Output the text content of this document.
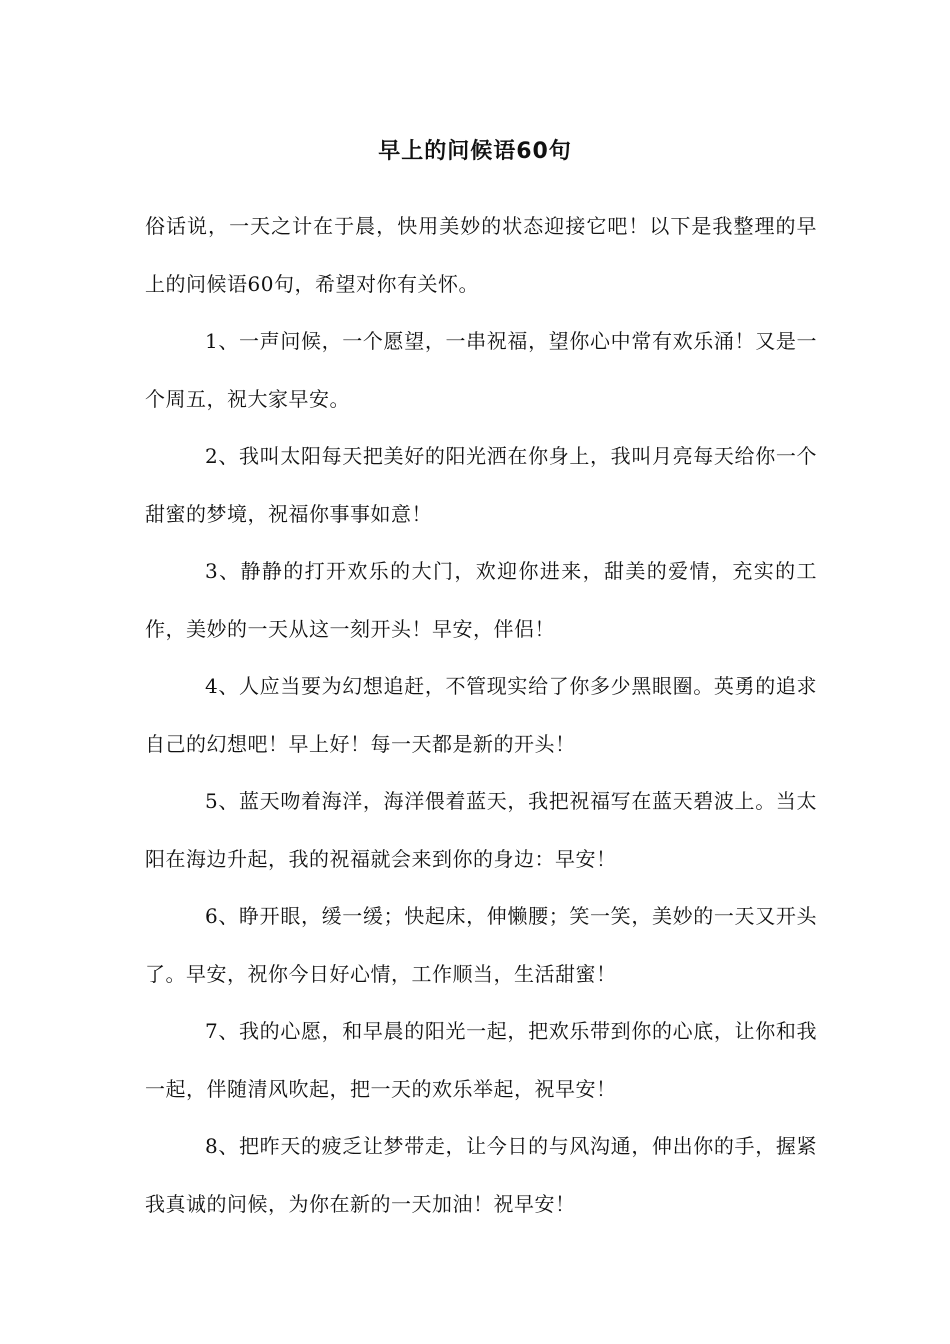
早上的问候语60句

俗话说，一天之计在于晨，快用美妙的状态迎接它吧！以下是我整理的早上的问候语60句，希望对你有关怀。

1、一声问候，一个愿望，一串祝福，望你心中常有欢乐涌！又是一个周五，祝大家早安。

2、我叫太阳每天把美好的阳光洒在你身上，我叫月亮每天给你一个甜蜜的梦境，祝福你事事如意！

3、静静的打开欢乐的大门，欢迎你进来，甜美的爱情，充实的工作，美妙的一天从这一刻开头！早安，伴侣！

4、人应当要为幻想追赶，不管现实给了你多少黑眼圈。英勇的追求自己的幻想吧！早上好！每一天都是新的开头！

5、蓝天吻着海洋，海洋偎着蓝天，我把祝福写在蓝天碧波上。当太阳在海边升起，我的祝福就会来到你的身边：早安！

6、睁开眼，缓一缓；快起床，伸懒腰；笑一笑，美妙的一天又开头了。早安，祝你今日好心情，工作顺当，生活甜蜜！

7、我的心愿，和早晨的阳光一起，把欢乐带到你的心底，让你和我一起，伴随清风吹起，把一天的欢乐举起，祝早安！

8、把昨天的疲乏让梦带走，让今日的与风沟通，伸出你的手，握紧我真诚的问候，为你在新的一天加油！祝早安！
